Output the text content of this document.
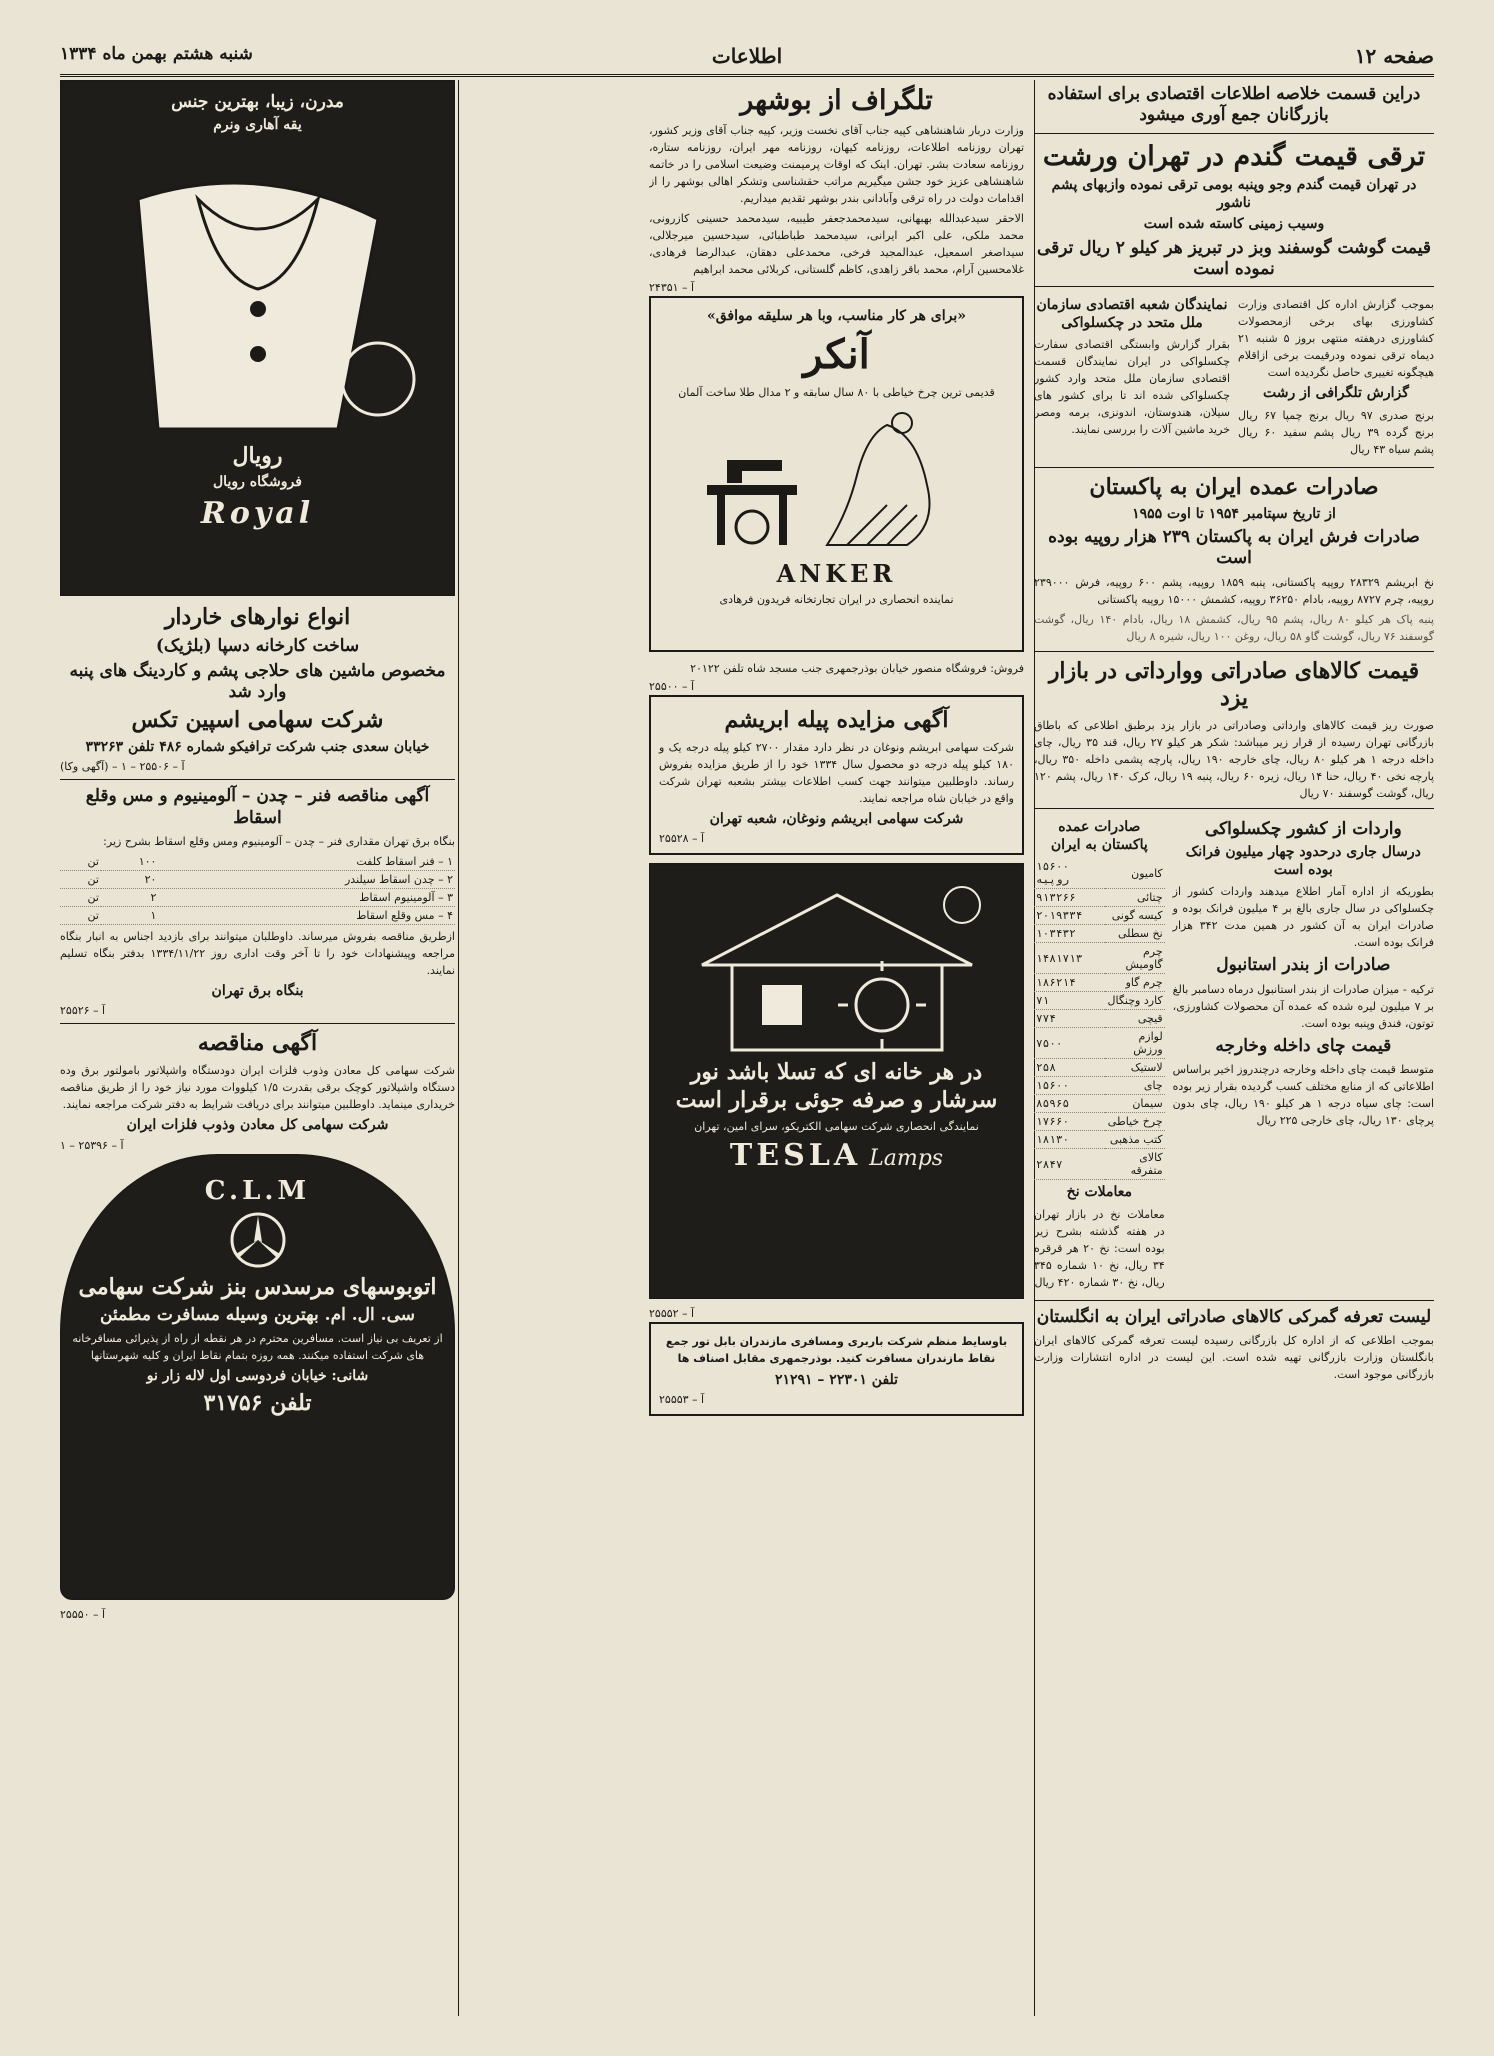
صفحه ۱۲
اطلاعات
شنبه هشتم بهمن ماه ۱۳۳۴
دراین قسمت خلاصه اطلاعات اقتصادی برای استفاده بازرگانان جمع آوری میشود
ترقی قیمت گندم در تهران ورشت
در تهران قیمت گندم وجو وپنبه بومی ترقی نموده وازبهای پشم ناشور
وسیب زمینی کاسته شده است
قیمت گوشت گوسفند وبز در تبریز هر کیلو ۲ ریال ترقی نموده است
بموجب گزارش اداره کل اقتصادی وزارت کشاورزی بهای برخی ازمحصولات کشاورزی درهفته منتهی بروز ۵ شنبه ۲۱ دیماه ترقی نموده ودرقیمت برخی ازاقلام هیچگونه تغییری حاصل نگردیده است
گزارش تلگرافی از رشت
برنج صدری ۹۷ ریال برنج چمپا ۶۷ ریال برنج گرده ۳۹ ریال پشم سفید ۶۰ ریال پشم سیاه ۴۳ ریال
نمایندگان شعبه اقتصادی سازمان ملل متحد در چکسلواکی
بقرار گزارش وابستگی اقتصادی سفارت چکسلواکی در ایران نمایندگان قسمت اقتصادی سازمان ملل متحد وارد کشور چکسلواکی شده اند تا برای کشور های سیلان، هندوستان، اندونزی، برمه ومصر خرید ماشین آلات را بررسی نمایند.
صادرات عمده ایران به پاکستان
از تاریخ سپتامبر ۱۹۵۴ تا اوت ۱۹۵۵
صادرات فرش ایران به پاکستان ۲۳۹ هزار روپیه بوده است
نخ ابریشم ۲۸۳۲۹ روپیه پاکستانی، پنبه ۱۸۵۹ روپیه، پشم ۶۰۰ روپیه، فرش ۲۳۹۰۰۰ روپیه، چرم ۸۷۲۷ روپیه، بادام ۳۶۲۵۰ روپیه، کشمش ۱۵۰۰۰ روپیه پاکستانی
پنبه پاک هر کیلو ۸۰ ریال، پشم ۹۵ ریال، کشمش ۱۸ ریال، بادام ۱۴۰ ریال، گوشت گوسفند ۷۶ ریال، گوشت گاو ۵۸ ریال، روغن ۱۰۰ ریال، شیره ۸ ریال
قیمت کالاهای صادراتی ووارداتی در بازار یزد
صورت ریز قیمت کالاهای وارداتی وصادراتی در بازار یزد برطبق اطلاعی که باطاق بازرگانی تهران رسیده از قرار زیر میباشد: شکر هر کیلو ۲۷ ریال، قند ۳۵ ریال، چای داخله درجه ۱ هر کیلو ۸۰ ریال، چای خارجه ۱۹۰ ریال، پارچه پشمی داخله ۳۵۰ ریال، پارچه نخی ۴۰ ریال، حنا ۱۴ ریال، زیره ۶۰ ریال، پنبه ۱۹ ریال، کرک ۱۴۰ ریال، پشم ۱۲۰ ریال، گوشت گوسفند ۷۰ ریال
واردات از کشور چکسلواکی
درسال جاری درحدود چهار میلیون فرانک بوده است
بطوریکه از اداره آمار اطلاع میدهند واردات کشور از چکسلواکی در سال جاری بالغ بر ۴ میلیون فرانک بوده و صادرات ایران به آن کشور در همین مدت ۳۴۲ هزار فرانک بوده است.
صادرات از بندر استانبول
ترکیه - میزان صادرات از بندر استانبول درماه دسامبر بالغ بر ۷ میلیون لیره شده که عمده آن محصولات کشاورزی، توتون، فندق وپنبه بوده است.
قیمت چای داخله وخارجه
متوسط قیمت چای داخله وخارجه درچندروز اخیر براساس اطلاعاتی که از منابع مختلف کسب گردیده بقرار زیر بوده است: چای سیاه درجه ۱ هر کیلو ۱۹۰ ریال، چای بدون پرچای ۱۳۰ ریال، چای خارجی ۲۲۵ ریال
صادرات عمده پاکستان به ایران
کامیون	۱۵۶۰۰ روپیه
چتائی	۹۱۳۲۶۶
کیسه گونی	۲۰۱۹۳۳۴
نخ سطلی	۱۰۳۴۳۲
چرم گاومیش	۱۴۸۱۷۱۳
چرم گاو	۱۸۶۲۱۴
کارد وچنگال	۷۱
قیچی	۷۷۴
لوازم ورزش	۷۵۰۰
لاستیک	۲۵۸
چای	۱۵۶۰۰
سیمان	۸۵۹۶۵
چرخ خیاطی	۱۷۶۶۰
کتب مذهبی	۱۸۱۳۰
کالای متفرقه	۲۸۴۷
معاملات نخ
معاملات نخ در بازار تهران در هفته گذشته بشرح زیر بوده است: نخ ۲۰ هر قرقره ۳۴ ریال، نخ ۱۰ شماره ۳۴۵ ریال، نخ ۳۰ شماره ۴۲۰ ریال
لیست تعرفه گمرکی کالاهای صادراتی ایران به انگلستان
بموجب اطلاعی که از اداره کل بازرگانی رسیده لیست تعرفه گمرکی کالاهای ایران بانگلستان وزارت بازرگانی تهیه شده است. این لیست در اداره انتشارات وزارت بازرگانی موجود است.
تلگراف از بوشهر
وزارت دربار شاهنشاهی کپیه جناب آقای نخست وزیر، کپیه جناب آقای وزیر کشور، تهران روزنامه اطلاعات، روزنامه کیهان، روزنامه مهر ایران، روزنامه ستاره، روزنامه سعادت بشر. تهران. اینک که اوقات پرمیمنت وضیعت اسلامی را در خاتمه شاهنشاهی عزیز خود جشن میگیریم مراتب حقشناسی وتشکر اهالی بوشهر را از اقدامات دولت در راه ترقی وآبادانی بندر بوشهر تقدیم میداریم.
الاحقر سیدعبدالله بهبهانی، سیدمحمدجعفر طیبیه، سیدمحمد حسینی کازرونی، محمد ملکی، علی اکبر ایرانی، سیدمحمد طباطبائی، سیدحسین میرجلالی، سیداصغر اسمعیل، عبدالمجید فرخی، محمدعلی دهقان، عبدالرضا فرهادی، غلامحسین آرام، محمد باقر زاهدی، کاظم گلستانی، کربلائی محمد ابراهیم
آ – ۲۴۳۵۱
«برای هر کار مناسب، وبا هر سلیقه موافق»
آنکر
قدیمی ترین چرخ خیاطی با ۸۰ سال سابقه و ۲ مدال طلا ساخت آلمان
ANKER
نماینده انحصاری در ایران تجارتخانه فریدون فرهادی
فروش: فروشگاه منصور خیابان بوذرجمهری جنب مسجد شاه تلفن ۲۰۱۲۲
آ – ۲۵۵۰۰
آگهی مزایده پیله ابریشم
شرکت سهامی ابریشم ونوغان در نظر دارد مقدار ۲۷۰۰ کیلو پیله درجه یک و ۱۸۰ کیلو پیله درجه دو محصول سال ۱۳۳۴ خود را از طریق مزایده بفروش رساند. داوطلبین میتوانند جهت کسب اطلاعات بیشتر بشعبه تهران شرکت واقع در خیابان شاه مراجعه نمایند.
شرکت سهامی ابریشم ونوغان، شعبه تهران
آ – ۲۵۵۲۸
در هر خانه ای که تسلا باشد نور سرشار و صرفه جوئی برقرار است
نمایندگی انحصاری شرکت سهامی الکتریکو، سرای امین، تهران
TESLA Lamps
آ – ۲۵۵۵۲
باوسایط منظم شرکت باربری ومسافری مازندران بابل تور جمع نقاط مازندران مسافرت کنید. بوذرجمهری مقابل اصناف ها
تلفن ۲۲۳۰۱ – ۲۱۲۹۱
آ – ۲۵۵۵۳
مدرن، زیبا، بهترین جنس
یقه آهاری ونرم
رویال
فروشگاه رویال
Royal
انواع نوارهای خاردار
ساخت کارخانه دسپا (بلژیک)
مخصوص ماشین های حلاجی پشم و کاردینگ های پنبه وارد شد
شرکت سهامی اسپین تکس
خیابان سعدی جنب شرکت ترافیکو شماره ۴۸۶ تلفن ۳۳۲۶۳
آ – ۲۵۵۰۶ – ۱ – (آگهی وکا)
آگهی مناقصه فنر – چدن – آلومینیوم و مس وقلع اسقاط
بنگاه برق تهران مقداری فنر – چدن – آلومینیوم ومس وقلع اسقاط بشرح زیر:
۱ – فنر اسقاط کلفت	۱۰۰	تن
۲ – چدن اسقاط سیلندر	۲۰	تن
۳ – آلومینیوم اسقاط	۲	تن
۴ – مس وقلع اسقاط	۱	تن
ازطریق مناقصه بفروش میرساند. داوطلبان میتوانند برای بازدید اجناس به انبار بنگاه مراجعه وپیشنهادات خود را تا آخر وقت اداری روز ۱۳۳۴/۱۱/۲۲ بدفتر بنگاه تسلیم نمایند.
بنگاه برق تهران
آ – ۲۵۵۲۶
آگهی مناقصه
شرکت سهامی کل معادن وذوب فلزات ایران دودستگاه واشپلاتور بامولتور برق وده دستگاه واشپلاتور کوچک برقی بقدرت ۱/۵ کیلووات مورد نیاز خود را از طریق مناقصه خریداری مینماید. داوطلبین میتوانند برای دریافت شرایط به دفتر شرکت مراجعه نمایند.
شرکت سهامی کل معادن وذوب فلزات ایران
آ – ۲۵۳۹۶ – ۱
C.L.M
اتوبوسهای مرسدس بنز شرکت سهامی
سی. ال. ام. بهترین وسیله مسافرت مطمئن
از تعریف بی نیاز است. مسافرین محترم در هر نقطه از راه از پذیرائی مسافرخانه های شرکت استفاده میکنند. همه روزه بتمام نقاط ایران و کلیه شهرستانها
شانی: خیابان فردوسی اول لاله زار نو
تلفن ۳۱۷۵۶
آ – ۲۵۵۵۰
